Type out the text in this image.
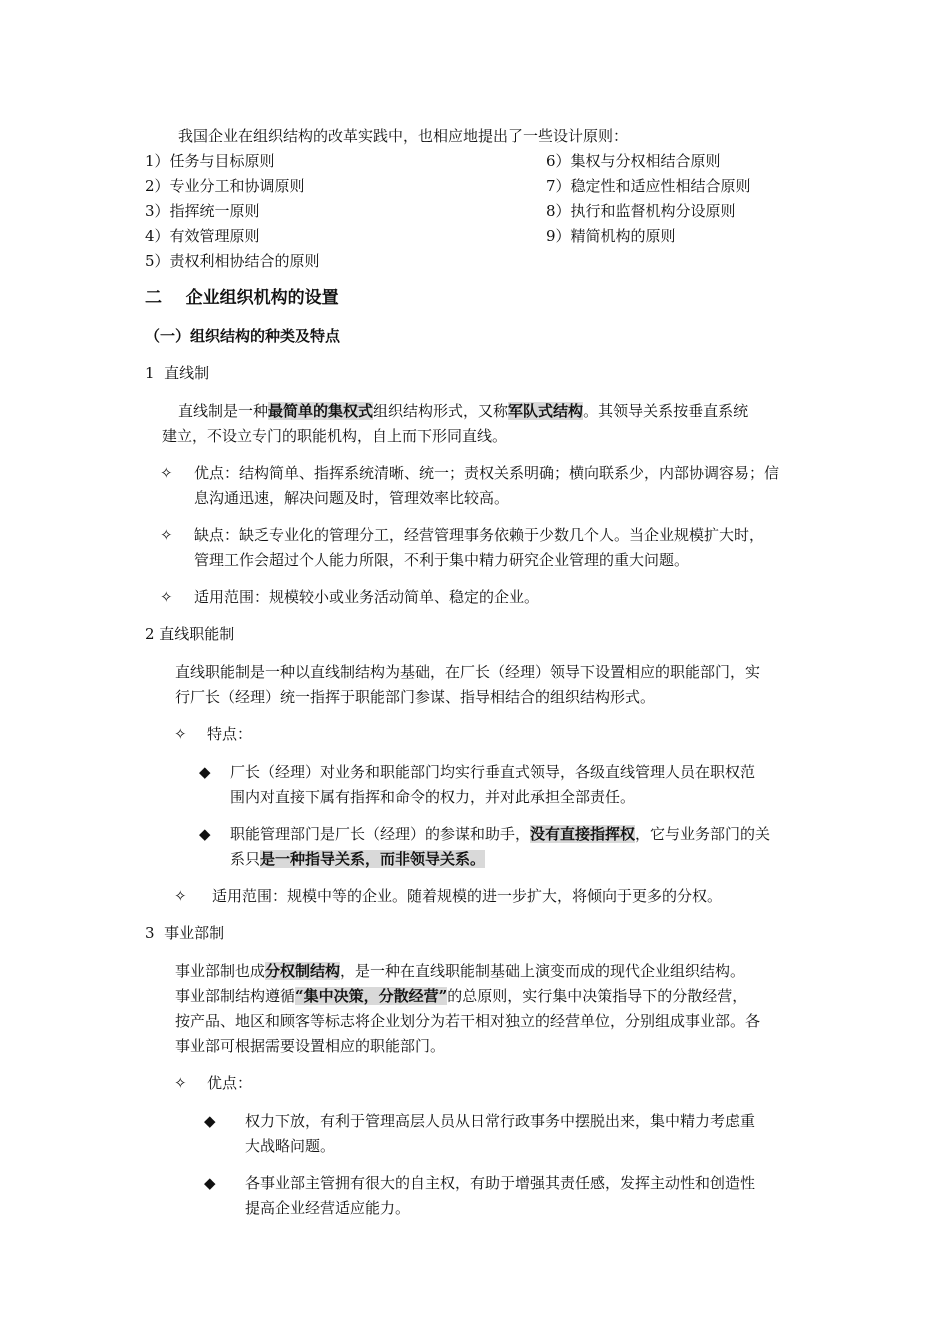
我国企业在组织结构的改革实践中，也相应地提出了一些设计原则：
1）任务与目标原则
2）专业分工和协调原则
3）指挥统一原则
4）有效管理原则
5）责权利相协结合的原则
6）集权与分权相结合原则
7）稳定性和适应性相结合原则
8）执行和监督机构分设原则
9）精简机构的原则
二    企业组织机构的设置
（一）组织结构的种类及特点
1  直线制
直线制是一种最简单的集权式组织结构形式，又称军队式结构。其领导关系按垂直系统
建立，不设立专门的职能机构，自上而下形同直线。
✧ 优点：结构简单、指挥系统清晰、统一；责权关系明确；横向联系少，内部协调容易；信
息沟通迅速，解决问题及时，管理效率比较高。
✧ 缺点：缺乏专业化的管理分工，经营管理事务依赖于少数几个人。当企业规模扩大时，
管理工作会超过个人能力所限，不利于集中精力研究企业管理的重大问题。
✧ 适用范围：规模较小或业务活动简单、稳定的企业。
2 直线职能制
直线职能制是一种以直线制结构为基础，在厂长（经理）领导下设置相应的职能部门，实
行厂长（经理）统一指挥于职能部门参谋、指导相结合的组织结构形式。
✧ 特点：
◆ 厂长（经理）对业务和职能部门均实行垂直式领导，各级直线管理人员在职权范
围内对直接下属有指挥和命令的权力，并对此承担全部责任。
◆ 职能管理部门是厂长（经理）的参谋和助手，没有直接指挥权，它与业务部门的关
系只是一种指导关系，而非领导关系。
✧ 适用范围：规模中等的企业。随着规模的进一步扩大，将倾向于更多的分权。
3  事业部制
事业部制也成分权制结构，是一种在直线职能制基础上演变而成的现代企业组织结构。
事业部制结构遵循“集中决策，分散经营”的总原则，实行集中决策指导下的分散经营，
按产品、地区和顾客等标志将企业划分为若干相对独立的经营单位，分别组成事业部。各
事业部可根据需要设置相应的职能部门。
✧ 优点：
◆ 权力下放，有利于管理高层人员从日常行政事务中摆脱出来，集中精力考虑重
大战略问题。
◆ 各事业部主管拥有很大的自主权，有助于增强其责任感，发挥主动性和创造性
提高企业经营适应能力。
